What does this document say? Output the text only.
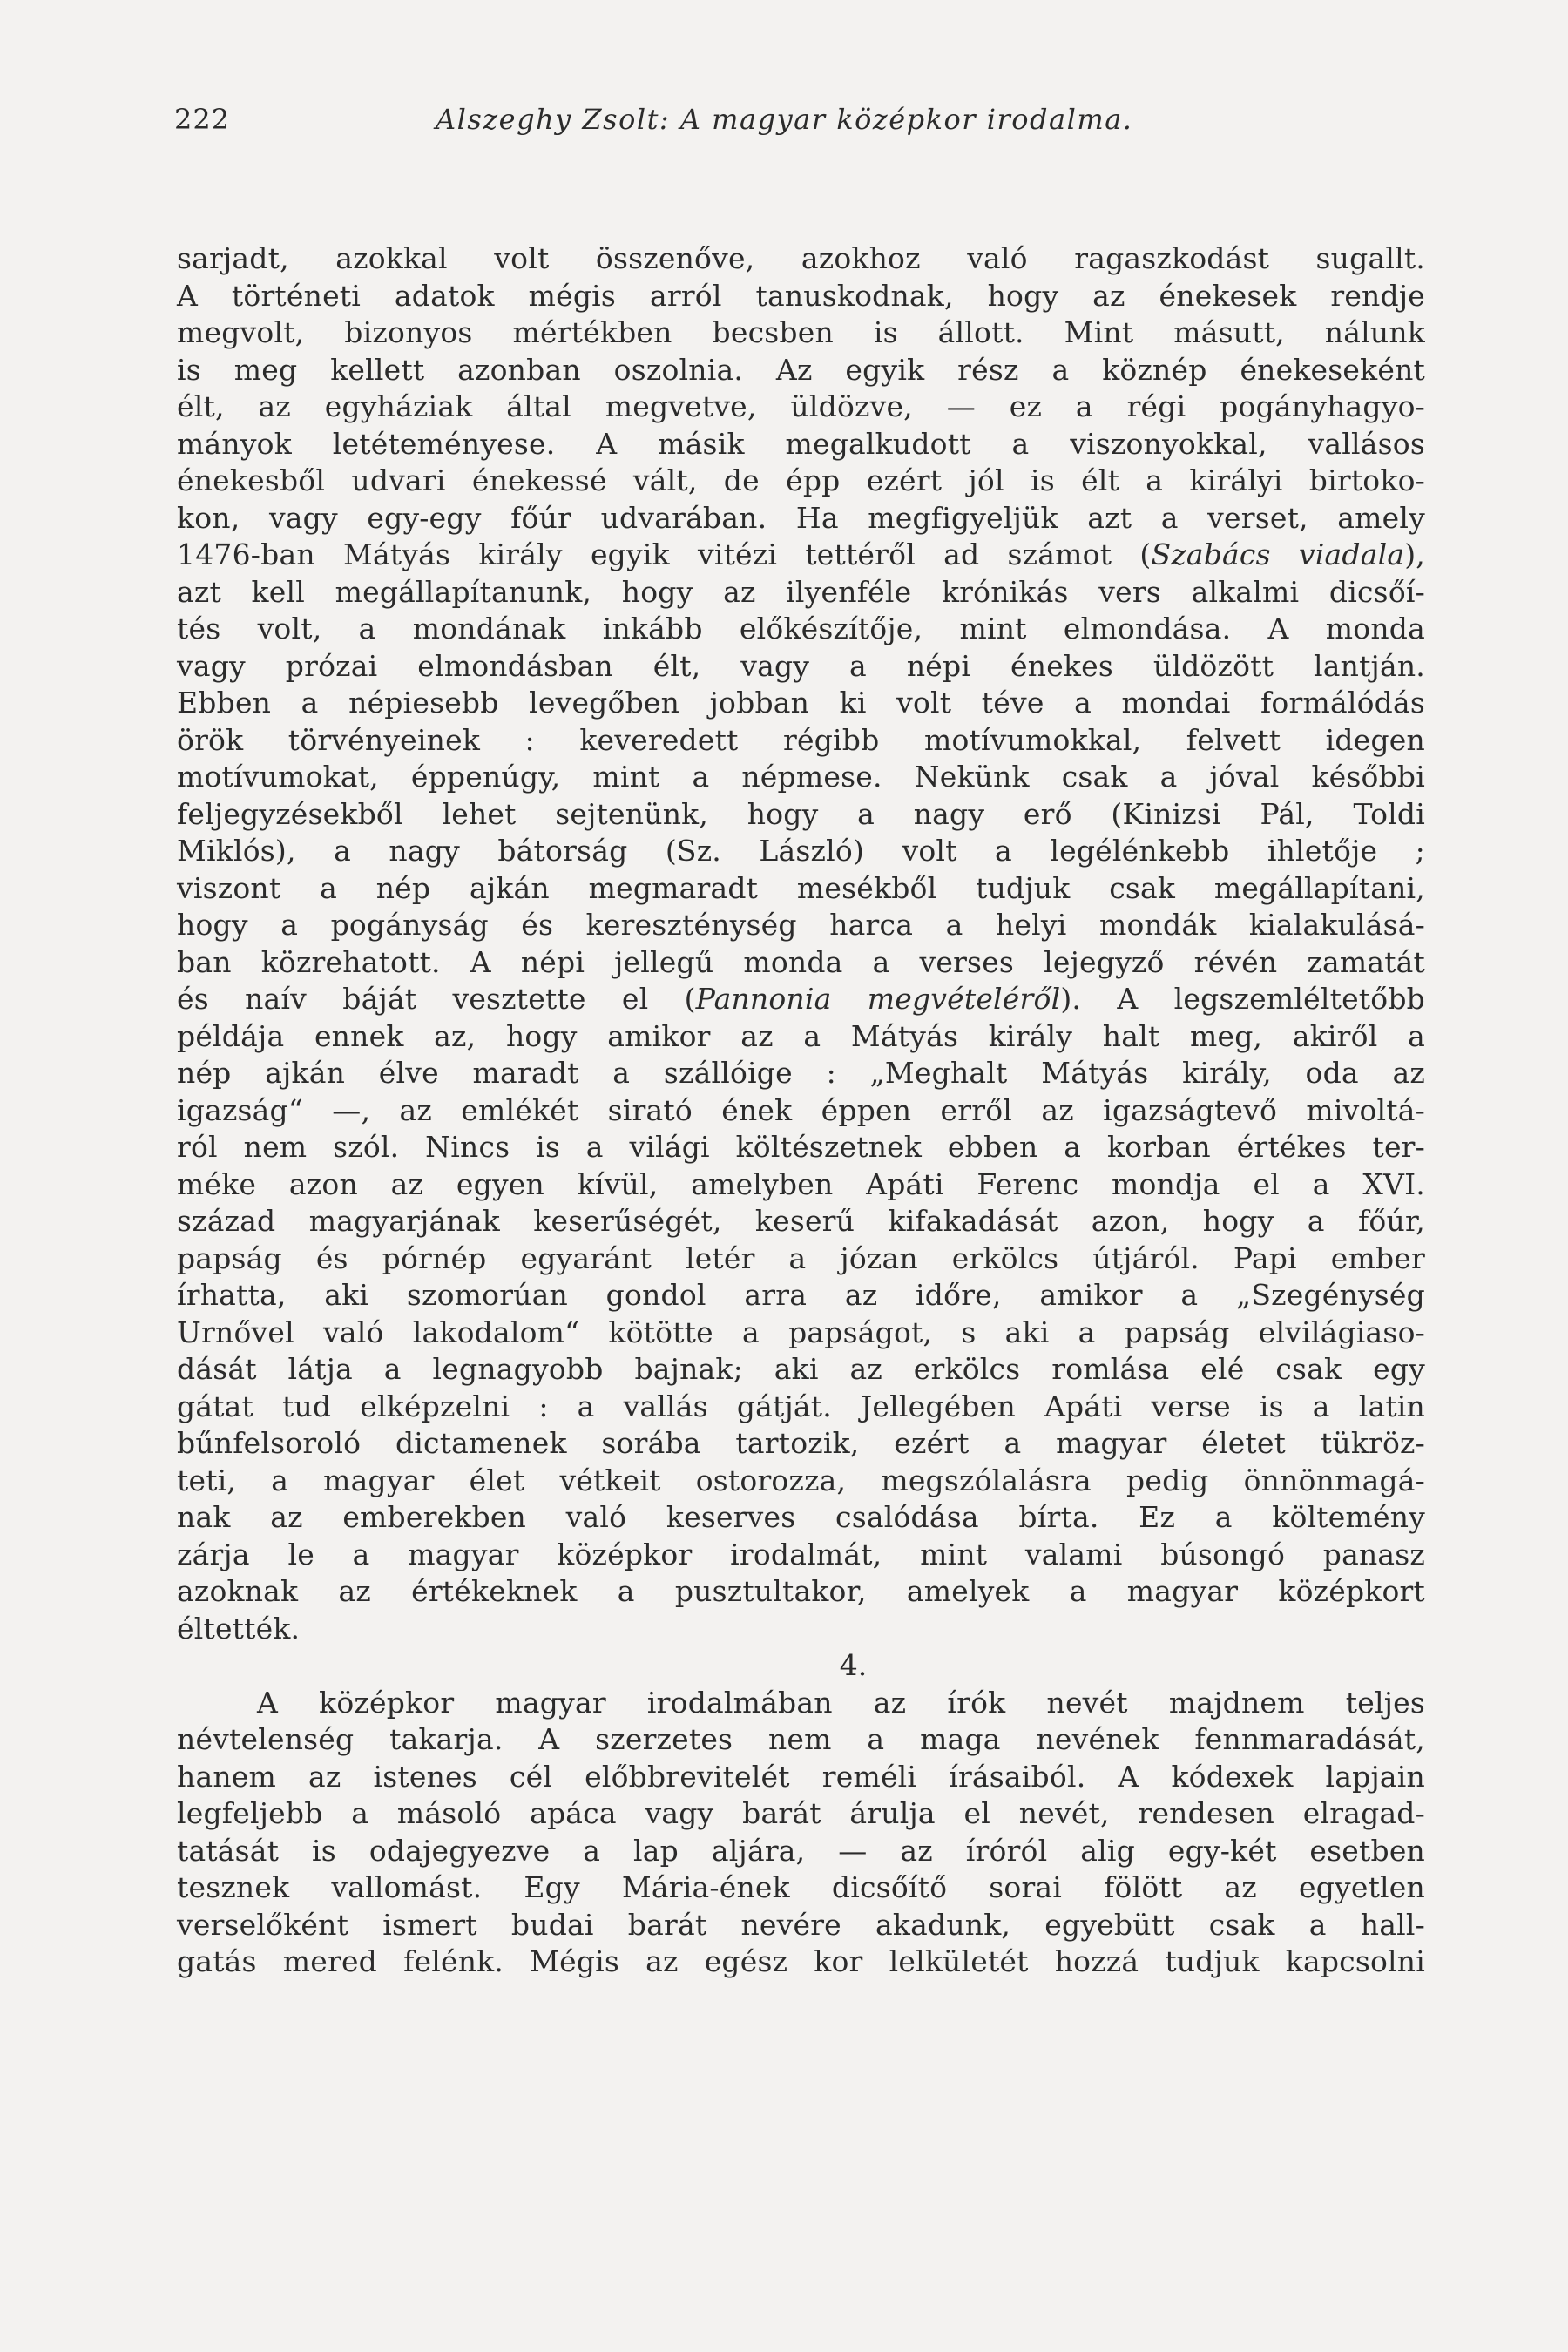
222	Alszeghy Zsolt: A magyar középkor irodalma.
sarjadt, azokkal volt összenőve, azokhoz való ragaszkodást sugallt.
A történeti adatok mégis arról tanuskodnak, hogy az énekesek rendje
megvolt, bizonyos mértékben becsben is állott. Mint másutt, nálunk
is meg kellett azonban oszolnia. Az egyik rész a köznép énekeseként
élt, az egyháziak által megvetve, üldözve, — ez a régi pogányhagyo-
mányok letéteményese. A másik megalkudott a viszonyokkal, vallásos
énekesből udvari énekessé vált, de épp ezért jól is élt a királyi birtoko-
kon, vagy egy-egy főúr udvarában. Ha megfigyeljük azt a verset, amely
1476-ban Mátyás király egyik vitézi tettéről ad számot (Szabács viadala),
azt kell megállapítanunk, hogy az ilyenféle krónikás vers alkalmi dicsőí-
tés volt, a mondának inkább előkészítője, mint elmondása. A monda
vagy prózai elmondásban élt, vagy a népi énekes üldözött lantján.
Ebben a népiesebb levegőben jobban ki volt téve a mondai formálódás
örök törvényeinek : keveredett régibb motívumokkal, felvett idegen
motívumokat, éppenúgy, mint a népmese. Nekünk csak a jóval későbbi
feljegyzésekből lehet sejtenünk, hogy a nagy erő (Kinizsi Pál, Toldi
Miklós), a nagy bátorság (Sz. László) volt a legélénkebb ihletője ;
viszont a nép ajkán megmaradt mesékből tudjuk csak megállapítani,
hogy a pogányság és kereszténység harca a helyi mondák kialakulásá-
ban közrehatott. A népi jellegű monda a verses lejegyző révén zamatát
és naív báját vesztette el (Pannonia megvételéről). A legszemléltetőbb
példája ennek az, hogy amikor az a Mátyás király halt meg, akiről a
nép ajkán élve maradt a szállóige : „Meghalt Mátyás király, oda az
igazság“ —, az emlékét sirató ének éppen erről az igazságtevő mivoltá-
ról nem szól. Nincs is a világi költészetnek ebben a korban értékes ter-
méke azon az egyen kívül, amelyben Apáti Ferenc mondja el a XVI.
század magyarjának keserűségét, keserű kifakadását azon, hogy a főúr,
papság és pórnép egyaránt letér a józan erkölcs útjáról. Papi ember
írhatta, aki szomorúan gondol arra az időre, amikor a „Szegénység
Urnővel való lakodalom“ kötötte a papságot, s aki a papság elvilágiaso-
dását látja a legnagyobb bajnak; aki az erkölcs romlása elé csak egy
gátat tud elképzelni : a vallás gátját. Jellegében Apáti verse is a latin
bűnfelsoroló dictamenek sorába tartozik, ezért a magyar életet tükröz-
teti, a magyar élet vétkeit ostorozza, megszólalásra pedig önnönmagá-
nak az emberekben való keserves csalódása bírta. Ez a költemény
zárja le a magyar középkor irodalmát, mint valami búsongó panasz
azoknak az értékeknek a pusztultakor, amelyek a magyar középkort
éltették.
4.
A középkor magyar irodalmában az írók nevét majdnem teljes
névtelenség takarja. A szerzetes nem a maga nevének fennmaradását,
hanem az istenes cél előbbrevitelét reméli írásaiból. A kódexek lapjain
legfeljebb a másoló apáca vagy barát árulja el nevét, rendesen elragad-
tatását is odajegyezve a lap aljára, — az íróról alig egy-két esetben
tesznek vallomást. Egy Mária-ének dicsőítő sorai fölött az egyetlen
verselőként ismert budai barát nevére akadunk, egyebütt csak a hall-
gatás mered felénk. Mégis az egész kor lelkületét hozzá tudjuk kapcsolni
